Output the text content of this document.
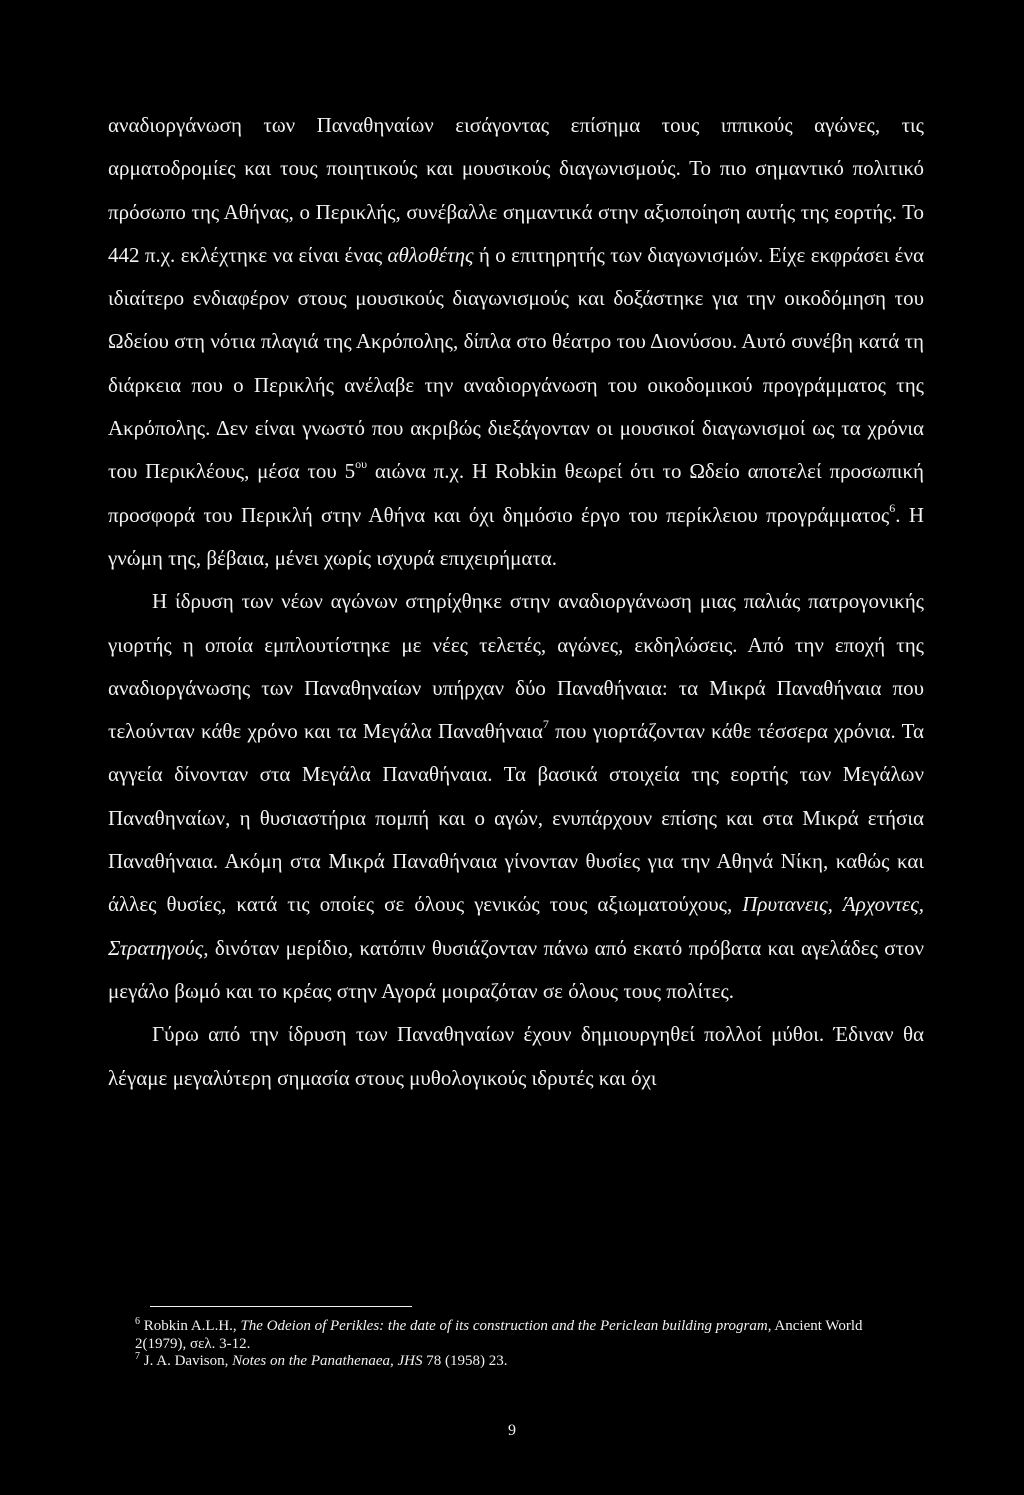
αναδιοργάνωση των Παναθηναίων εισάγοντας επίσημα τους ιππικούς αγώνες, τις αρματοδρομίες και τους ποιητικούς και μουσικούς διαγωνισμούς. Το πιο σημαντικό πολιτικό πρόσωπο της Αθήνας, ο Περικλής, συνέβαλλε σημαντικά στην αξιοποίηση αυτής της εορτής. Το 442 π.χ. εκλέχτηκε να είναι ένας αθλοθέτης ή ο επιτηρητής των διαγωνισμών. Είχε εκφράσει ένα ιδιαίτερο ενδιαφέρον στους μουσικούς διαγωνισμούς και δοξάστηκε για την οικοδόμηση του Ωδείου στη νότια πλαγιά της Ακρόπολης, δίπλα στο θέατρο του Διονύσου. Αυτό συνέβη κατά τη διάρκεια που ο Περικλής ανέλαβε την αναδιοργάνωση του οικοδομικού προγράμματος της Ακρόπολης. Δεν είναι γνωστό που ακριβώς διεξάγονταν οι μουσικοί διαγωνισμοί ως τα χρόνια του Περικλέους, μέσα του $5^{o\upsilon}$ αιώνα π.χ. Η Robkin θεωρεί ότι το Ωδείο αποτελεί προσωπική προσφορά του Περικλή στην Αθήνα και όχι δημόσιο έργο του περίκλειου προγράμματος$^6$. Η γνώμη της, βέβαια, μένει χωρίς ισχυρά επιχειρήματα.

Η ίδρυση των νέων αγώνων στηρίχθηκε στην αναδιοργάνωση μιας παλιάς πατρογονικής γιορτής η οποία εμπλουτίστηκε με νέες τελετές, αγώνες, εκδηλώσεις. Από την εποχή της αναδιοργάνωσης των Παναθηναίων υπήρχαν δύο Παναθήναια: τα Μικρά Παναθήναια που τελούνταν κάθε χρόνο και τα Μεγάλα Παναθήναια$^7$ που γιορτάζονταν κάθε τέσσερα χρόνια. Τα αγγεία δίνονταν στα Μεγάλα Παναθήναια. Τα βασικά στοιχεία της εορτής των Μεγάλων Παναθηναίων, η θυσιαστήρια πομπή και ο αγών, ενυπάρχουν επίσης και στα Μικρά ετήσια Παναθήναια. Ακόμη στα Μικρά Παναθήναια γίνονταν θυσίες για την Αθηνά Νίκη, καθώς και άλλες θυσίες, κατά τις οποίες σε όλους γενικώς τους αξιωματούχους, Πρυτανεις, Άρχοντες, Στρατηγούς, δινόταν μερίδιο, κατόπιν θυσιάζονταν πάνω από εκατό πρόβατα και αγελάδες στον μεγάλο βωμό και το κρέας στην Αγορά μοιραζόταν σε όλους τους πολίτες.

Γύρω από την ίδρυση των Παναθηναίων έχουν δημιουργηθεί πολλοί μύθοι. Έδιναν θα λέγαμε μεγαλύτερη σημασία στους μυθολογικούς ιδρυτές και όχι

$^6$ Robkin A.L.H., The Odeion of Perikles: the date of its construction and the Periclean building program, Ancient World 2(1979), σελ. 3-12.

$^7$ J. A. Davison, Notes on the Panathenaea, JHS 78 (1958) 23.

9
